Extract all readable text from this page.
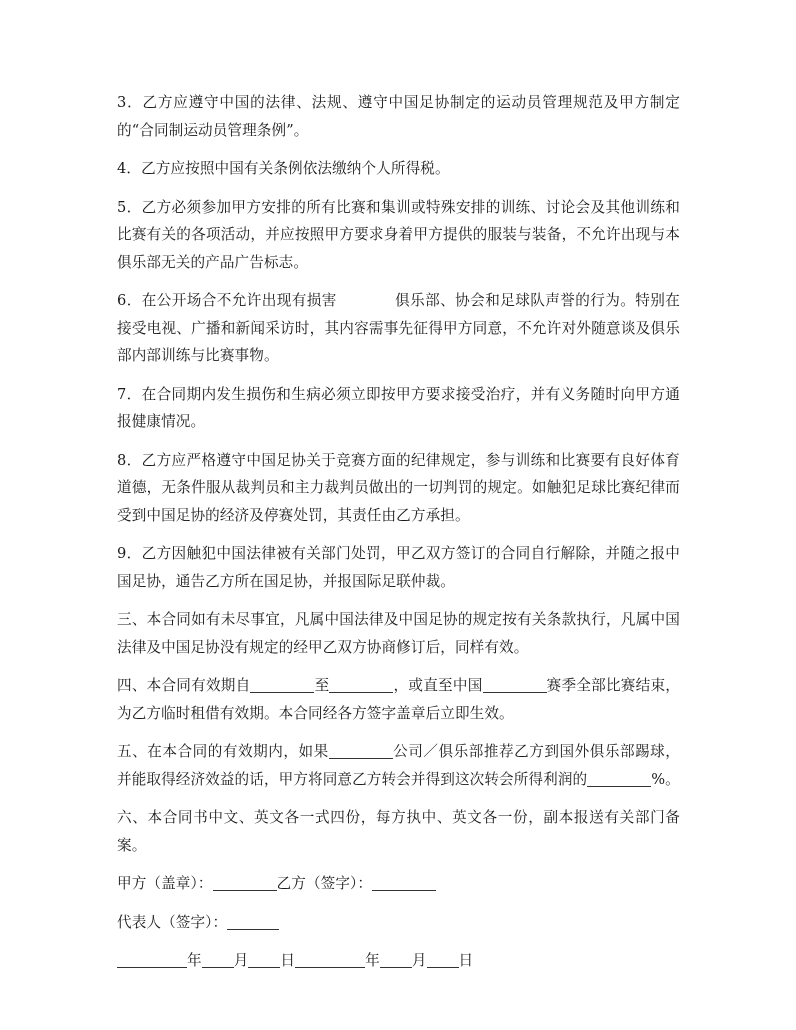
3．乙方应遵守中国的法律、法规、遵守中国足协制定的运动员管理规范及甲方制定的“合同制运动员管理条例”。

4．乙方应按照中国有关条例依法缴纳个人所得税。

5．乙方必须参加甲方安排的所有比赛和集训或特殊安排的训练、讨论会及其他训练和比赛有关的各项活动，并应按照甲方要求身着甲方提供的服装与装备，不允许出现与本俱乐部无关的产品广告标志。

6．在公开场合不允许出现有损害	俱乐部、协会和足球队声誉的行为。特别在接受电视、广播和新闻采访时，其内容需事先征得甲方同意，不允许对外随意谈及俱乐部内部训练与比赛事物。

7．在合同期内发生损伤和生病必须立即按甲方要求接受治疗，并有义务随时向甲方通报健康情况。

8．乙方应严格遵守中国足协关于竞赛方面的纪律规定，参与训练和比赛要有良好体育道德，无条件服从裁判员和主力裁判员做出的一切判罚的规定。如触犯足球比赛纪律而受到中国足协的经济及停赛处罚，其责任由乙方承担。

9．乙方因触犯中国法律被有关部门处罚，甲乙双方签订的合同自行解除，并随之报中国足协，通告乙方所在国足协，并报国际足联仲裁。

三、本合同如有未尽事宜，凡属中国法律及中国足协的规定按有关条款执行，凡属中国法律及中国足协没有规定的经甲乙双方协商修订后，同样有效。

四、本合同有效期自	至	，或直至中国	赛季全部比赛结束，为乙方临时租借有效期。本合同经各方签字盖章后立即生效。

五、在本合同的有效期内，如果	公司／俱乐部推荐乙方到国外俱乐部踢球，并能取得经济效益的话，甲方将同意乙方转会并得到这次转会所得利润的	%。

六、本合同书中文、英文各一式四份，每方执中、英文各一份，副本报送有关部门备案。

甲方（盖章）：	乙方（签字）：

代表人（签字）：

年 月 日	年 月 日
